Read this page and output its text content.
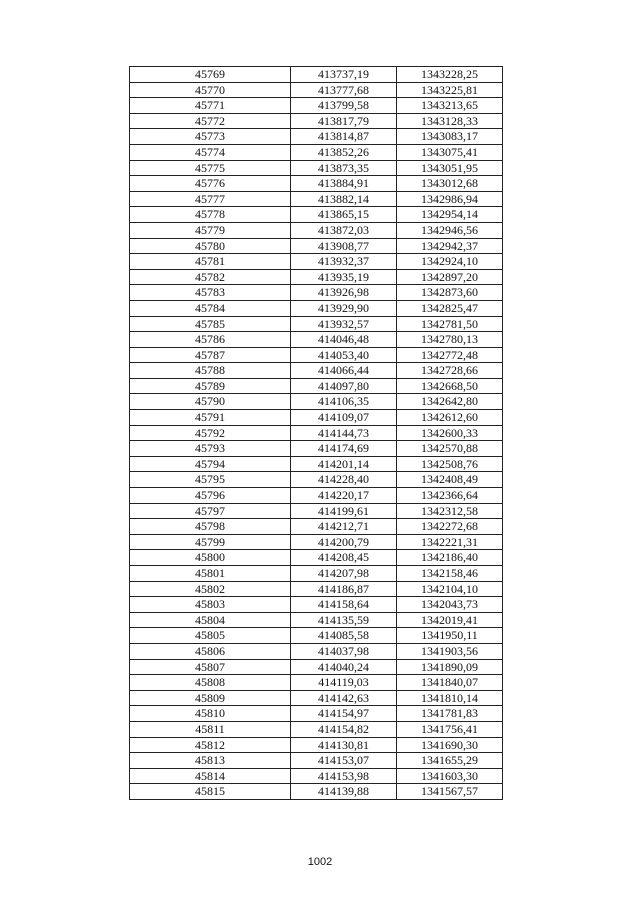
45769	413737,19	1343228,25
45770	413777,68	1343225,81
45771	413799,58	1343213,65
45772	413817,79	1343128,33
45773	413814,87	1343083,17
45774	413852,26	1343075,41
45775	413873,35	1343051,95
45776	413884,91	1343012,68
45777	413882,14	1342986,94
45778	413865,15	1342954,14
45779	413872,03	1342946,56
45780	413908,77	1342942,37
45781	413932,37	1342924,10
45782	413935,19	1342897,20
45783	413926,98	1342873,60
45784	413929,90	1342825,47
45785	413932,57	1342781,50
45786	414046,48	1342780,13
45787	414053,40	1342772,48
45788	414066,44	1342728,66
45789	414097,80	1342668,50
45790	414106,35	1342642,80
45791	414109,07	1342612,60
45792	414144,73	1342600,33
45793	414174,69	1342570,88
45794	414201,14	1342508,76
45795	414228,40	1342408,49
45796	414220,17	1342366,64
45797	414199,61	1342312,58
45798	414212,71	1342272,68
45799	414200,79	1342221,31
45800	414208,45	1342186,40
45801	414207,98	1342158,46
45802	414186,87	1342104,10
45803	414158,64	1342043,73
45804	414135,59	1342019,41
45805	414085,58	1341950,11
45806	414037,98	1341903,56
45807	414040,24	1341890,09
45808	414119,03	1341840,07
45809	414142,63	1341810,14
45810	414154,97	1341781,83
45811	414154,82	1341756,41
45812	414130,81	1341690,30
45813	414153,07	1341655,29
45814	414153,98	1341603,30
45815	414139,88	1341567,57
1002
